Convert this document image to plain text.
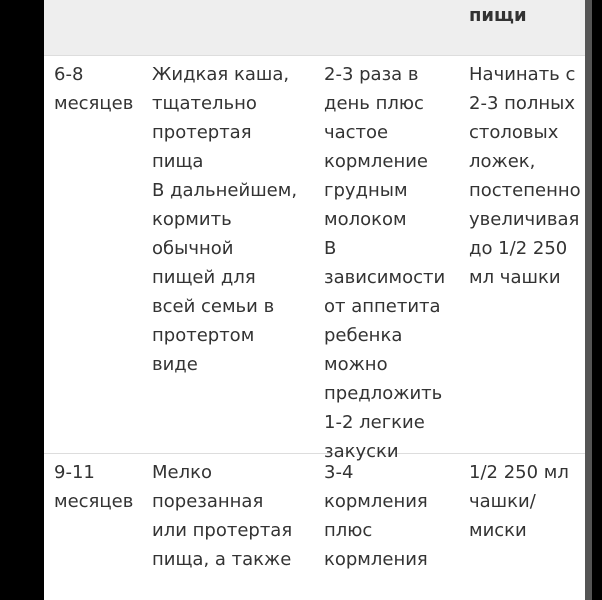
пищи
6-8
месяцев
Жидкая каша,
тщательно
протертая
пища
В дальнейшем,
кормить
обычной
пищей для
всей семьи в
протертом
виде
2-3 раза в
день плюс
частое
кормление
грудным
молоком
В
зависимости
от аппетита
ребенка
можно
предложить
1-2 легкие
закуски
Начинать с
2-3 полных
столовых
ложек,
постепенно
увеличивая
до 1/2 250
мл чашки
9-11
месяцев
Мелко
порезанная
или протертая
пища, а также
3-4
кормления
плюс
кормления
1/2 250 мл
чашки/
миски
